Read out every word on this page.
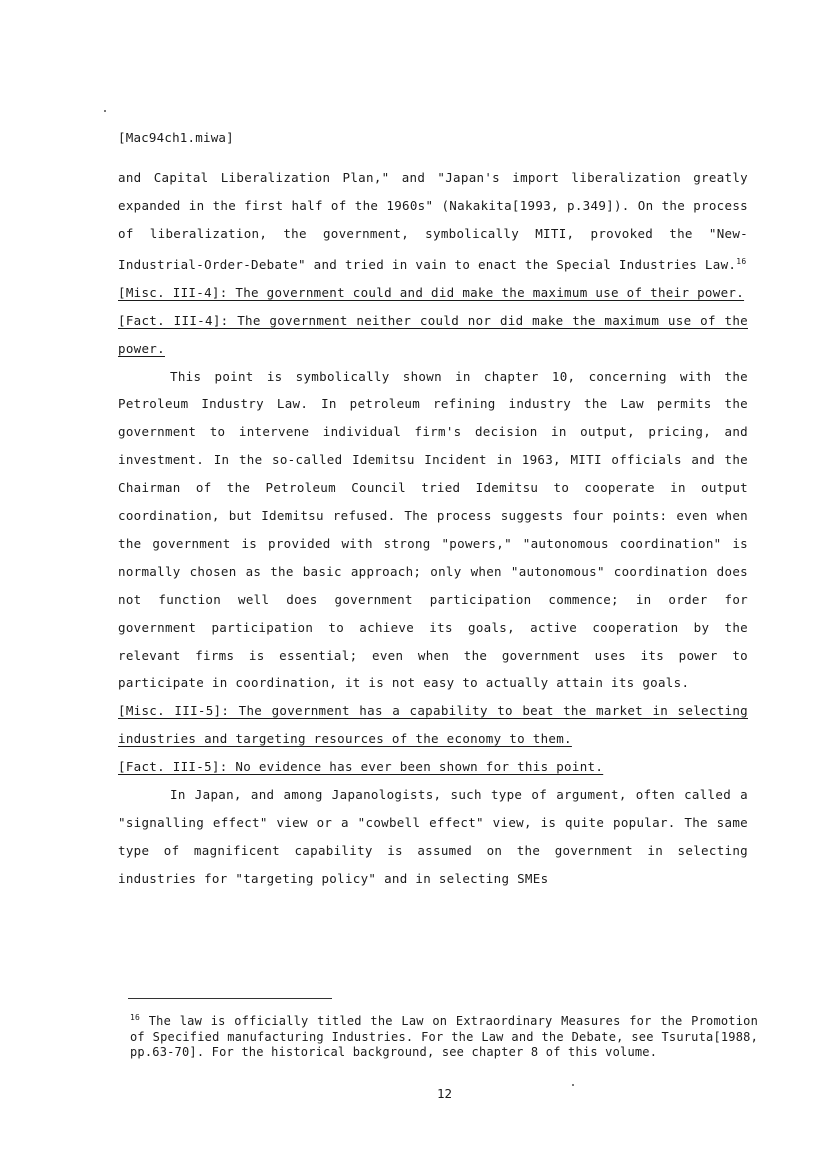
[Mac94ch1.miwa]

and Capital Liberalization Plan," and "Japan's import liberalization greatly expanded in the first half of the 1960s" (Nakakita[1993, p.349]). On the process of liberalization, the government, symbolically MITI, provoked the "New-Industrial-Order-Debate" and tried in vain to enact the Special Industries Law.$^{16}$

[Misc. III-4]: The government could and did make the maximum use of their power.

[Fact. III-4]: The government neither could nor did make the maximum use of the power.

This point is symbolically shown in chapter 10, concerning with the Petroleum Industry Law. In petroleum refining industry the Law permits the government to intervene individual firm's decision in output, pricing, and investment. In the so-called Idemitsu Incident in 1963, MITI officials and the Chairman of the Petroleum Council tried Idemitsu to cooperate in output coordination, but Idemitsu refused. The process suggests four points: even when the government is provided with strong "powers," "autonomous coordination" is normally chosen as the basic approach; only when "autonomous" coordination does not function well does government participation commence; in order for government participation to achieve its goals, active cooperation by the relevant firms is essential; even when the government uses its power to participate in coordination, it is not easy to actually attain its goals.

[Misc. III-5]: The government has a capability to beat the market in selecting industries and targeting resources of the economy to them.

[Fact. III-5]: No evidence has ever been shown for this point.

In Japan, and among Japanologists, such type of argument, often called a "signalling effect" view or a "cowbell effect" view, is quite popular. The same type of magnificent capability is assumed on the government in selecting industries for "targeting policy" and in selecting SMEs

$^{16}$ The law is officially titled the Law on Extraordinary Measures for the Promotion of Specified manufacturing Industries. For the Law and the Debate, see Tsuruta[1988, pp.63-70]. For the historical background, see chapter 8 of this volume.
12
